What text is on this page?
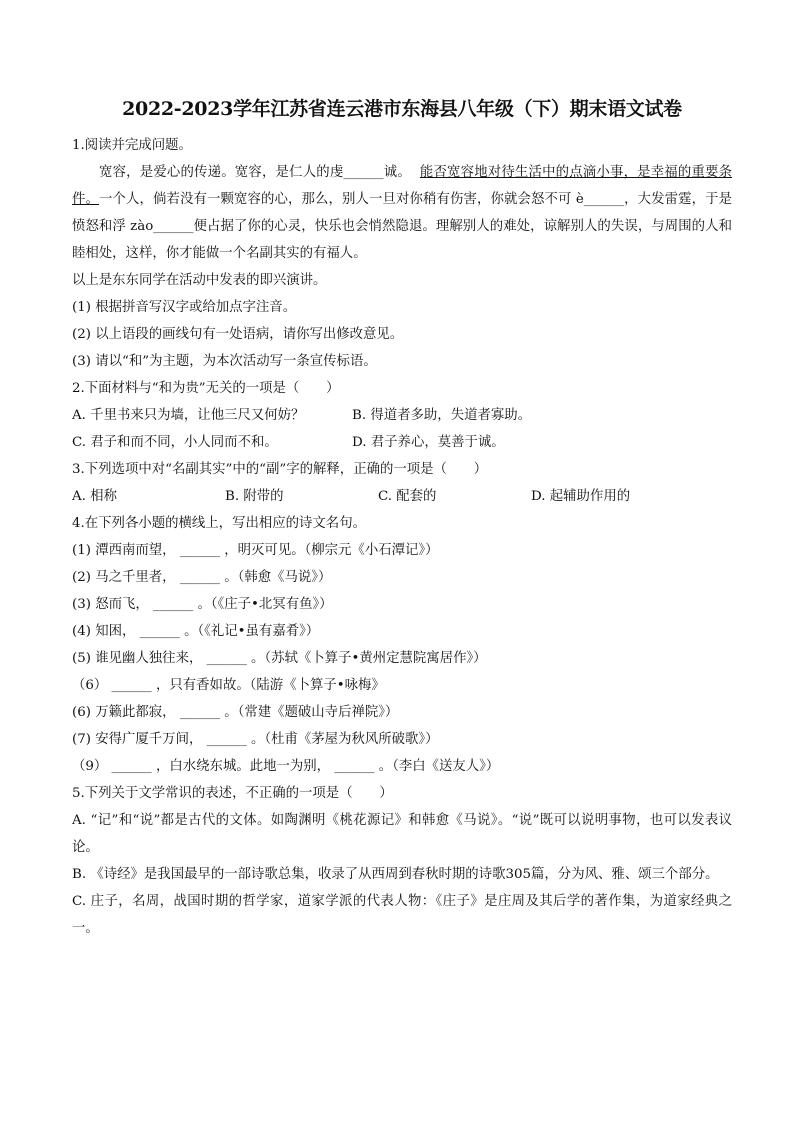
2022-2023学年江苏省连云港市东海县八年级（下）期末语文试卷

1.阅读并完成问题。

宽容，是爱心的传递。宽容，是仁人的虔______诚。 能否宽容地对待生活中的点滴小事，是幸福的重要条件。一个人，倘若没有一颗宽容的心，那么，别人一旦对你稍有伤害，你就会怒不可 è______，大发雷霆，于是愤怒和浮 zào______便占据了你的心灵，快乐也会悄然隐退。理解别人的难处，谅解别人的失误，与周围的人和睦相处，这样，你才能做一个名副其实的有福人。

以上是东东同学在活动中发表的即兴演讲。

(1) 根据拼音写汉字或给加点字注音。

(2) 以上语段的画线句有一处语病，请你写出修改意见。

(3) 请以“和”为主题，为本次活动写一条宣传标语。

2.下面材料与“和为贵”无关的一项是（　　）

A. 千里书来只为墙，让他三尺又何妨？	B. 得道者多助，失道者寡助。

C. 君子和而不同，小人同而不和。	D. 君子养心，莫善于诚。

3.下列选项中对“名副其实”中的“副”字的解释，正确的一项是（　　）

A. 相称	B. 附带的	C. 配套的	D. 起辅助作用的

4.在下列各小题的横线上，写出相应的诗文名句。

(1) 潭西南而望， ______ ，明灭可见。（柳宗元《小石潭记》）

(2) 马之千里者， ______ 。（韩愈《马说》）

(3) 怒而飞， ______ 。（《庄子•北冥有鱼》）

(4) 知困， ______ 。（《礼记•虽有嘉肴》）

(5) 谁见幽人独往来， ______ 。（苏轼《卜算子•黄州定慧院寓居作》）

（6） ______ ，只有香如故。（陆游《卜算子•咏梅》

(6) 万籁此都寂， ______ 。（常建《题破山寺后禅院》）

(7) 安得广厦千万间， ______ 。（杜甫《茅屋为秋风所破歌》）

（9） ______ ，白水绕东城。此地一为别， ______ 。（李白《送友人》）

5.下列关于文学常识的表述，不正确的一项是（　　）

A. “记”和“说”都是古代的文体。如陶渊明《桃花源记》和韩愈《马说》。“说”既可以说明事物，也可以发表议论。

B. 《诗经》是我国最早的一部诗歌总集，收录了从西周到春秋时期的诗歌305篇，分为风、雅、颂三个部分。

C. 庄子，名周，战国时期的哲学家，道家学派的代表人物：《庄子》是庄周及其后学的著作集，为道家经典之一。
